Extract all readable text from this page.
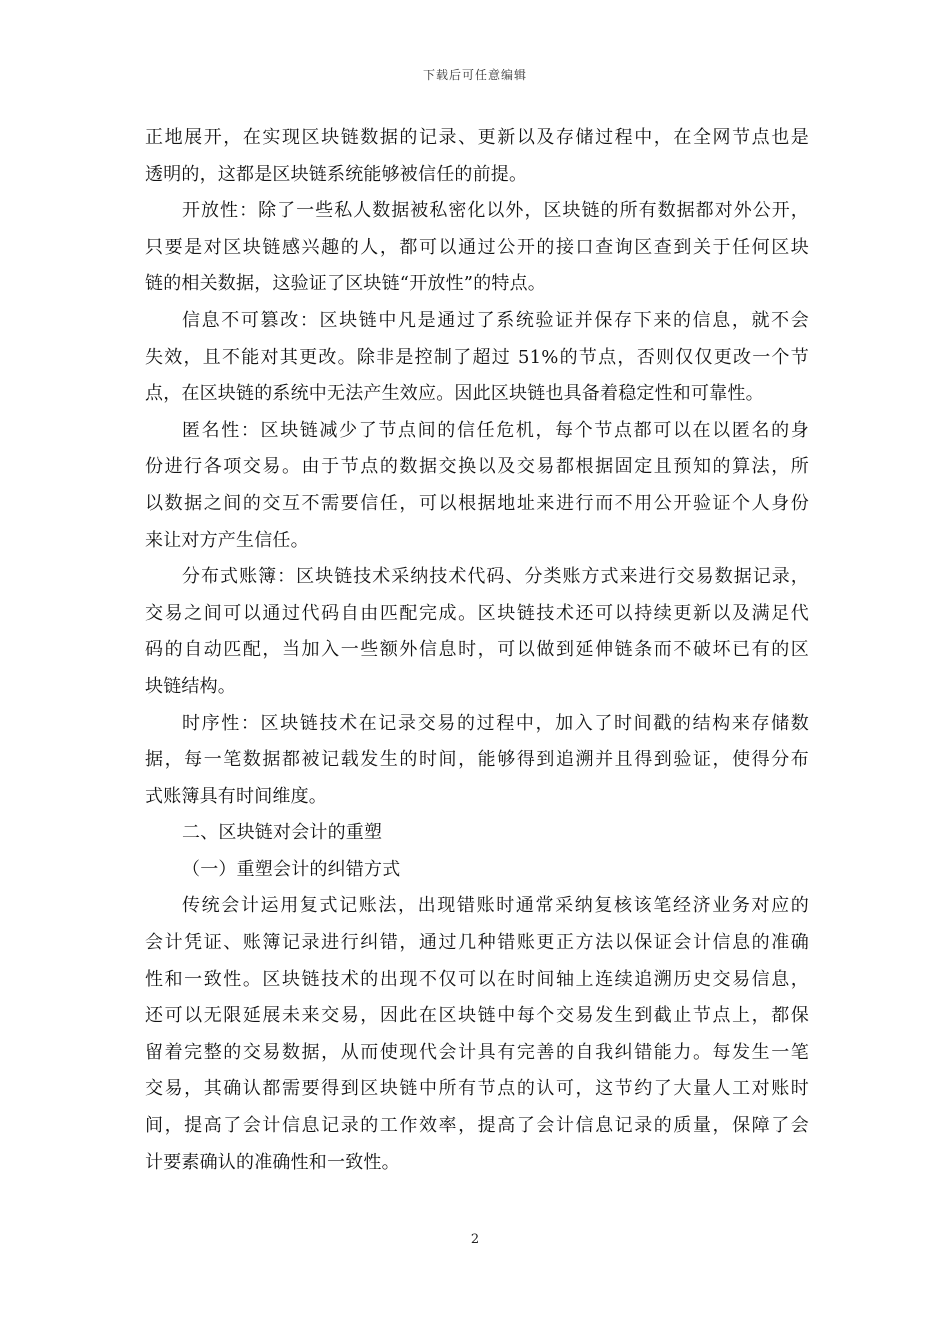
下载后可任意编辑
正地展开，在实现区块链数据的记录、更新以及存储过程中，在全网节点也是
透明的，这都是区块链系统能够被信任的前提。
开放性：除了一些私人数据被私密化以外，区块链的所有数据都对外公开，
只要是对区块链感兴趣的人，都可以通过公开的接口查询区查到关于任何区块
链的相关数据，这验证了区块链“开放性”的特点。
信息不可篡改：区块链中凡是通过了系统验证并保存下来的信息，就不会
失效，且不能对其更改。除非是控制了超过 51%的节点，否则仅仅更改一个节
点，在区块链的系统中无法产生效应。因此区块链也具备着稳定性和可靠性。
匿名性：区块链减少了节点间的信任危机，每个节点都可以在以匿名的身
份进行各项交易。由于节点的数据交换以及交易都根据固定且预知的算法，所
以数据之间的交互不需要信任，可以根据地址来进行而不用公开验证个人身份
来让对方产生信任。
分布式账簿：区块链技术采纳技术代码、分类账方式来进行交易数据记录，
交易之间可以通过代码自由匹配完成。区块链技术还可以持续更新以及满足代
码的自动匹配，当加入一些额外信息时，可以做到延伸链条而不破坏已有的区
块链结构。
时序性：区块链技术在记录交易的过程中，加入了时间戳的结构来存储数
据，每一笔数据都被记载发生的时间，能够得到追溯并且得到验证，使得分布
式账簿具有时间维度。
二、区块链对会计的重塑
（一）重塑会计的纠错方式
传统会计运用复式记账法，出现错账时通常采纳复核该笔经济业务对应的
会计凭证、账簿记录进行纠错，通过几种错账更正方法以保证会计信息的准确
性和一致性。区块链技术的出现不仅可以在时间轴上连续追溯历史交易信息，
还可以无限延展未来交易，因此在区块链中每个交易发生到截止节点上，都保
留着完整的交易数据，从而使现代会计具有完善的自我纠错能力。每发生一笔
交易，其确认都需要得到区块链中所有节点的认可，这节约了大量人工对账时
间，提高了会计信息记录的工作效率，提高了会计信息记录的质量，保障了会
计要素确认的准确性和一致性。
2
